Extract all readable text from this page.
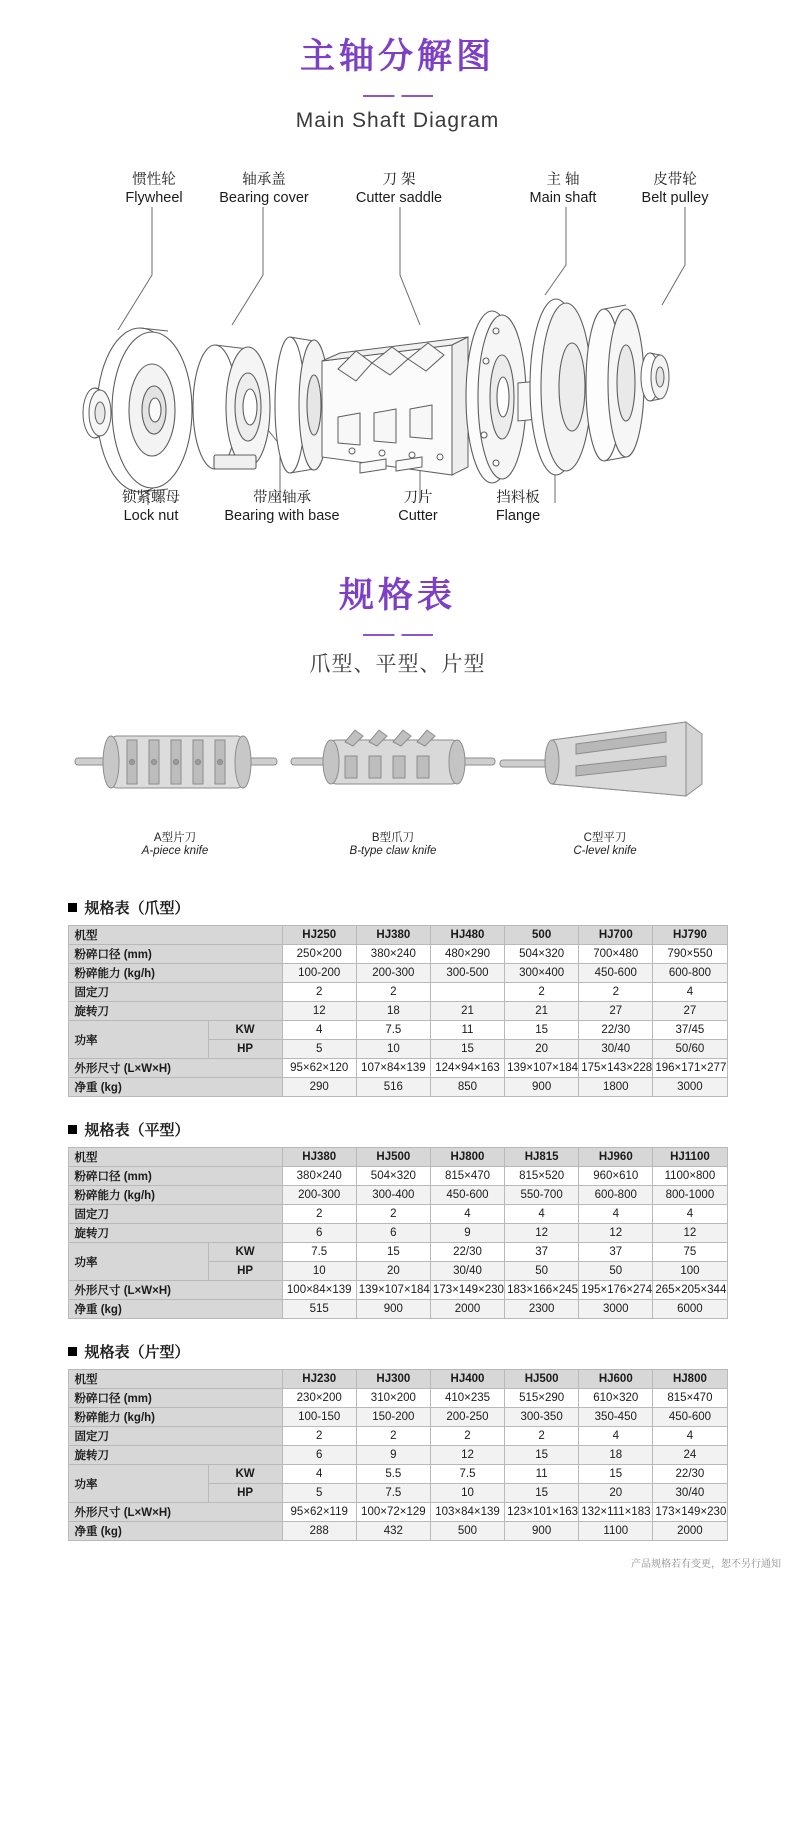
主轴分解图
Main Shaft Diagram
惯性轮
Flywheel
轴承盖
Bearing cover
刀 架
Cutter saddle
主 轴
Main shaft
皮带轮
Belt pulley
锁紧螺母
Lock nut
带座轴承
Bearing with base
刀片
Cutter
挡料板
Flange
规格表
爪型、平型、片型
A型片刀
A-piece knife
B型爪刀
B-type claw knife
C型平刀
C-level knife
规格表（爪型）
机型		HJ250	HJ380	HJ480	500	HJ700	HJ790
粉碎口径 (mm)		250×200	380×240	480×290	504×320	700×480	790×550
粉碎能力 (kg/h)		100-200	200-300	300-500	300×400	450-600	600-800
固定刀		2	2		2	2	4
旋转刀		12	18	21	21	27	27
功率	KW	4	7.5	11	15	22/30	37/45
	HP	5	10	15	20	30/40	50/60
外形尺寸 (L×W×H)		95×62×120	107×84×139	124×94×163	139×107×184	175×143×228	196×171×277
净重 (kg)		290	516	850	900	1800	3000
规格表（平型）
机型		HJ380	HJ500	HJ800	HJ815	HJ960	HJ1100
粉碎口径 (mm)		380×240	504×320	815×470	815×520	960×610	1100×800
粉碎能力 (kg/h)		200-300	300-400	450-600	550-700	600-800	800-1000
固定刀		2	2	4	4	4	4
旋转刀		6	6	9	12	12	12
功率	KW	7.5	15	22/30	37	37	75
	HP	10	20	30/40	50	50	100
外形尺寸 (L×W×H)		100×84×139	139×107×184	173×149×230	183×166×245	195×176×274	265×205×344
净重 (kg)		515	900	2000	2300	3000	6000
规格表（片型）
机型		HJ230	HJ300	HJ400	HJ500	HJ600	HJ800
粉碎口径 (mm)		230×200	310×200	410×235	515×290	610×320	815×470
粉碎能力 (kg/h)		100-150	150-200	200-250	300-350	350-450	450-600
固定刀		2	2	2	2	4	4
旋转刀		6	9	12	15	18	24
功率	KW	4	5.5	7.5	11	15	22/30
	HP	5	7.5	10	15	20	30/40
外形尺寸 (L×W×H)		95×62×119	100×72×129	103×84×139	123×101×163	132×111×183	173×149×230
净重 (kg)		288	432	500	900	1100	2000
产品规格若有变更，恕不另行通知
